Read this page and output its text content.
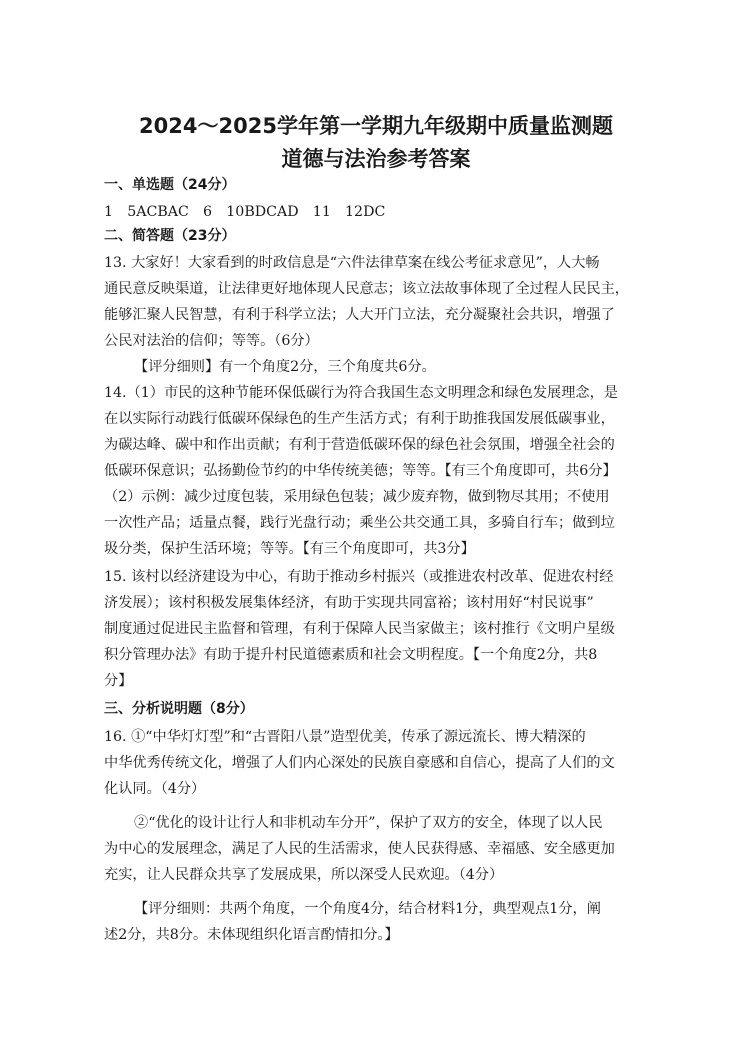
2024～2025学年第一学期九年级期中质量监测题
道德与法治参考答案
一、单选题（24分）
1　5ACBAC　6　10BDCAD　11　12DC
二、简答题（23分）
13. 大家好！大家看到的时政信息是“六件法律草案在线公考征求意见”，人大畅
通民意反映渠道，让法律更好地体现人民意志；该立法故事体现了全过程人民民主，
能够汇聚人民智慧，有利于科学立法；人大开门立法，充分凝聚社会共识，增强了
公民对法治的信仰；等等。（6分）
【评分细则】有一个角度2分，三个角度共6分。
14.（1）市民的这种节能环保低碳行为符合我国生态文明理念和绿色发展理念，是
在以实际行动践行低碳环保绿色的生产生活方式；有利于助推我国发展低碳事业，
为碳达峰、碳中和作出贡献；有利于营造低碳环保的绿色社会氛围，增强全社会的
低碳环保意识；弘扬勤俭节约的中华传统美德；等等。【有三个角度即可，共6分】
（2）示例：减少过度包装，采用绿色包装；减少废弃物，做到物尽其用；不使用
一次性产品；适量点餐，践行光盘行动；乘坐公共交通工具，多骑自行车；做到垃
圾分类，保护生活环境；等等。【有三个角度即可，共3分】
15. 该村以经济建设为中心，有助于推动乡村振兴（或推进农村改革、促进农村经
济发展）；该村积极发展集体经济，有助于实现共同富裕；该村用好“村民说事”
制度通过促进民主监督和管理，有利于保障人民当家做主；该村推行《文明户星级
积分管理办法》有助于提升村民道德素质和社会文明程度。【一个角度2分，共8
分】
三、分析说明题（8分）
16. ①“中华灯灯型”和“古晋阳八景”造型优美，传承了源远流长、博大精深的
中华优秀传统文化，增强了人们内心深处的民族自豪感和自信心，提高了人们的文
化认同。（4分）
②“优化的设计让行人和非机动车分开”，保护了双方的安全，体现了以人民
为中心的发展理念，满足了人民的生活需求，使人民获得感、幸福感、安全感更加
充实，让人民群众共享了发展成果，所以深受人民欢迎。（4分）
【评分细则：共两个角度，一个角度4分，结合材料1分，典型观点1分，阐
述2分，共8分。未体现组织化语言酌情扣分。】
